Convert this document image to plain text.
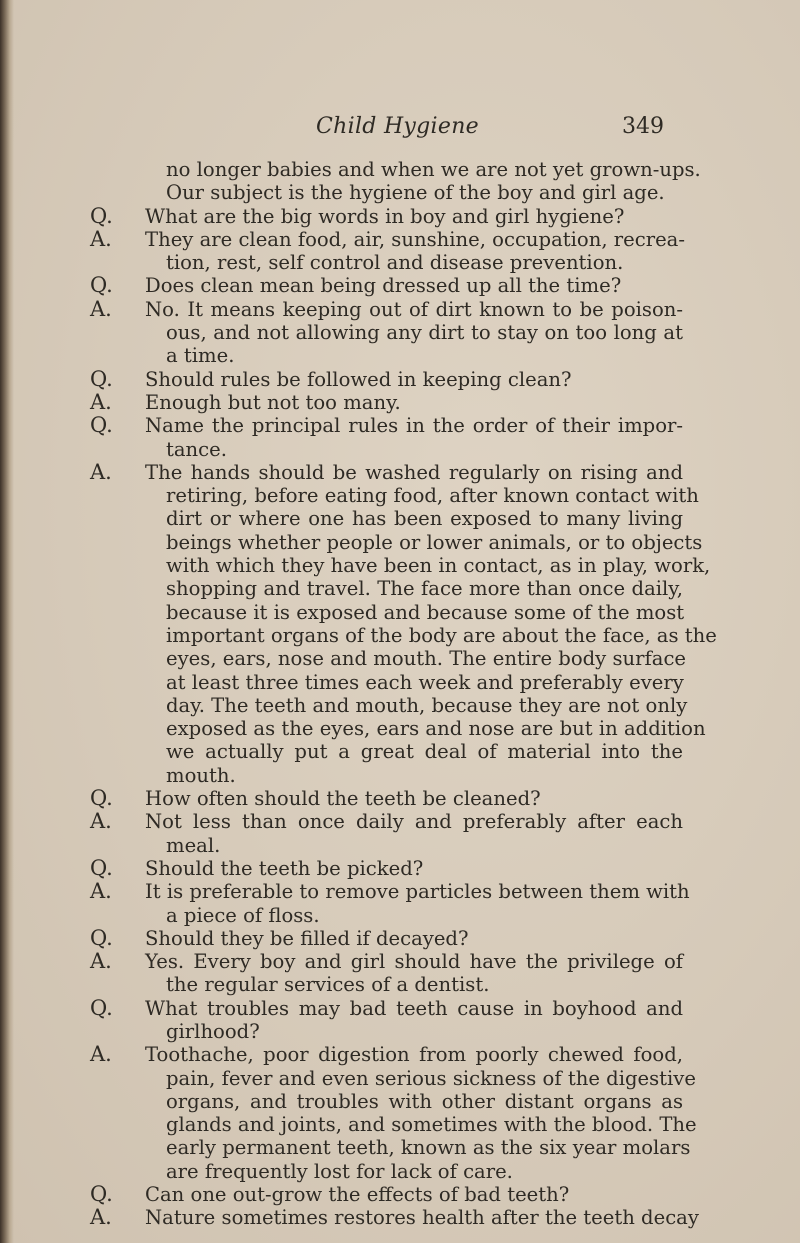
Child Hygiene	349
no longer babies and when we are not yet grown-ups.
Our subject is the hygiene of the boy and girl age.
Q. What are the big words in boy and girl hygiene?
A. They are clean food, air, sunshine, occupation, recrea-
tion, rest, self control and disease prevention.
Q. Does clean mean being dressed up all the time?
A. No. It means keeping out of dirt known to be poison-
ous, and not allowing any dirt to stay on too long at
a time.
Q. Should rules be followed in keeping clean?
A. Enough but not too many.
Q. Name the principal rules in the order of their impor-
tance.
A. The hands should be washed regularly on rising and
retiring, before eating food, after known contact with
dirt or where one has been exposed to many living
beings whether people or lower animals, or to objects
with which they have been in contact, as in play, work,
shopping and travel. The face more than once daily,
because it is exposed and because some of the most
important organs of the body are about the face, as the
eyes, ears, nose and mouth. The entire body surface
at least three times each week and preferably every
day. The teeth and mouth, because they are not only
exposed as the eyes, ears and nose are but in addition
we actually put a great deal of material into the
mouth.
Q. How often should the teeth be cleaned?
A. Not less than once daily and preferably after each
meal.
Q. Should the teeth be picked?
A. It is preferable to remove particles between them with
a piece of floss.
Q. Should they be filled if decayed?
A. Yes. Every boy and girl should have the privilege of
the regular services of a dentist.
Q. What troubles may bad teeth cause in boyhood and
girlhood?
A. Toothache, poor digestion from poorly chewed food,
pain, fever and even serious sickness of the digestive
organs, and troubles with other distant organs as
glands and joints, and sometimes with the blood. The
early permanent teeth, known as the six year molars
are frequently lost for lack of care.
Q. Can one out-grow the effects of bad teeth?
A. Nature sometimes restores health after the teeth decay
